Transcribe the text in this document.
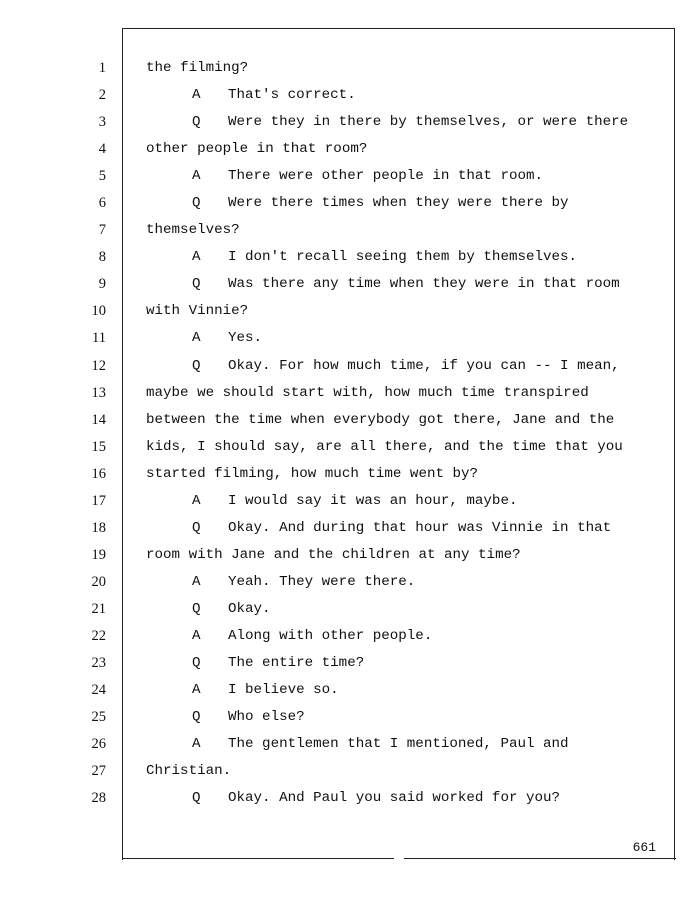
1
2
3
4
5
6
7
8
9
10
11
12
13
14
15
16
17
18
19
20
21
22
23
24
25
26
27
28
the filming?
A That's correct.
Q Were they in there by themselves, or were there
other people in that room?
A There were other people in that room.
Q Were there times when they were there by
themselves?
A I don't recall seeing them by themselves.
Q Was there any time when they were in that room
with Vinnie?
A Yes.
Q Okay. For how much time, if you can -- I mean,
maybe we should start with, how much time transpired
between the time when everybody got there, Jane and the
kids, I should say, are all there, and the time that you
started filming, how much time went by?
A I would say it was an hour, maybe.
Q Okay. And during that hour was Vinnie in that
room with Jane and the children at any time?
A Yeah. They were there.
Q Okay.
A Along with other people.
Q The entire time?
A I believe so.
Q Who else?
A The gentlemen that I mentioned, Paul and
Christian.
Q Okay. And Paul you said worked for you?
661
